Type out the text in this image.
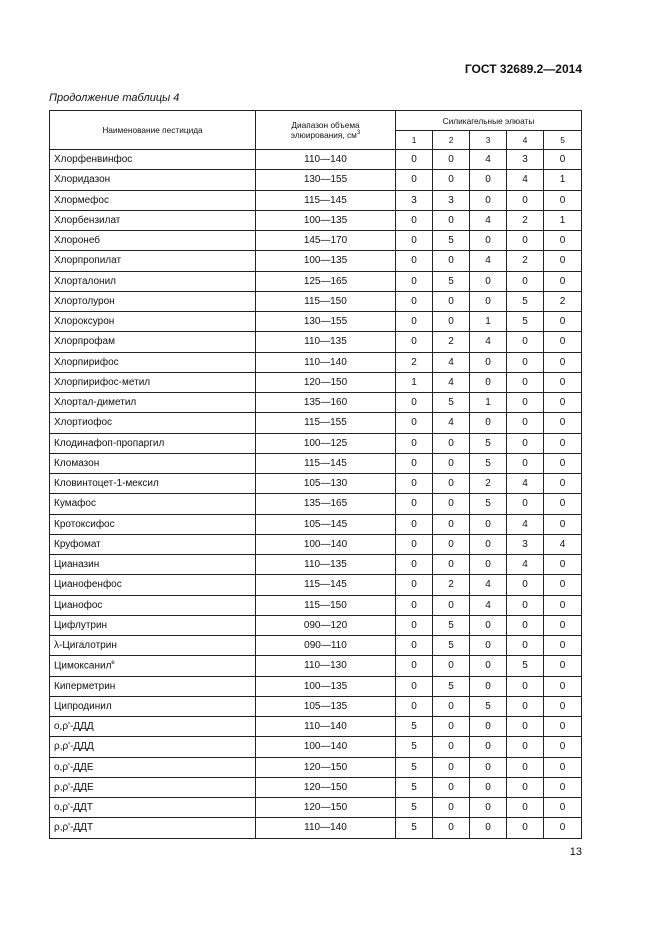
ГОСТ 32689.2—2014
Продолжение таблицы 4
Наименование пестицида	Диапазон объема
элюирования, $см^3$	Силикагельные элюаты				
		1	2	3	4	5
Хлорфенвинфос	110—140	0	0	4	3	0
Хлоридазон	130—155	0	0	0	4	1
Хлормефос	115—145	3	3	0	0	0
Хлорбензилат	100—135	0	0	4	2	1
Хлоронеб	145—170	0	5	0	0	0
Хлорпропилат	100—135	0	0	4	2	0
Хлорталонил	125—165	0	5	0	0	0
Хлортолурон	115—150	0	0	0	5	2
Хлороксурон	130—155	0	0	1	5	0
Хлорпрофам	110—135	0	2	4	0	0
Хлорпирифос	110—140	2	4	0	0	0
Хлорпирифос-метил	120—150	1	4	0	0	0
Хлортал-диметил	135—160	0	5	1	0	0
Хлортиофос	115—155	0	4	0	0	0
Клодинафоп-пропаргил	100—125	0	0	5	0	0
Кломазон	115—145	0	0	5	0	0
Кловинтоцет-1-мексил	105—130	0	0	2	4	0
Кумафос	135—165	0	0	5	0	0
Кротоксифос	105—145	0	0	0	4	0
Круфомат	100—140	0	0	0	3	4
Цианазин	110—135	0	0	0	4	0
Цианофенфос	115—145	0	2	4	0	0
Цианофос	115—150	0	0	4	0	0
Цифлутрин	090—120	0	5	0	0	0
λ-Цигалотрин	090—110	0	5	0	0	0
Цимоксанил$^e$	110—130	0	0	0	5	0
Киперметрин	100—135	0	5	0	0	0
Ципродинил	105—135	0	0	5	0	0
о,ρ'-ДДД	110—140	5	0	0	0	0
ρ,ρ'-ДДД	100—140	5	0	0	0	0
о,ρ'-ДДЕ	120—150	5	0	0	0	0
ρ,ρ'-ДДЕ	120—150	5	0	0	0	0
о,ρ'-ДДТ	120—150	5	0	0	0	0
ρ,ρ'-ДДТ	110—140	5	0	0	0	0
13
